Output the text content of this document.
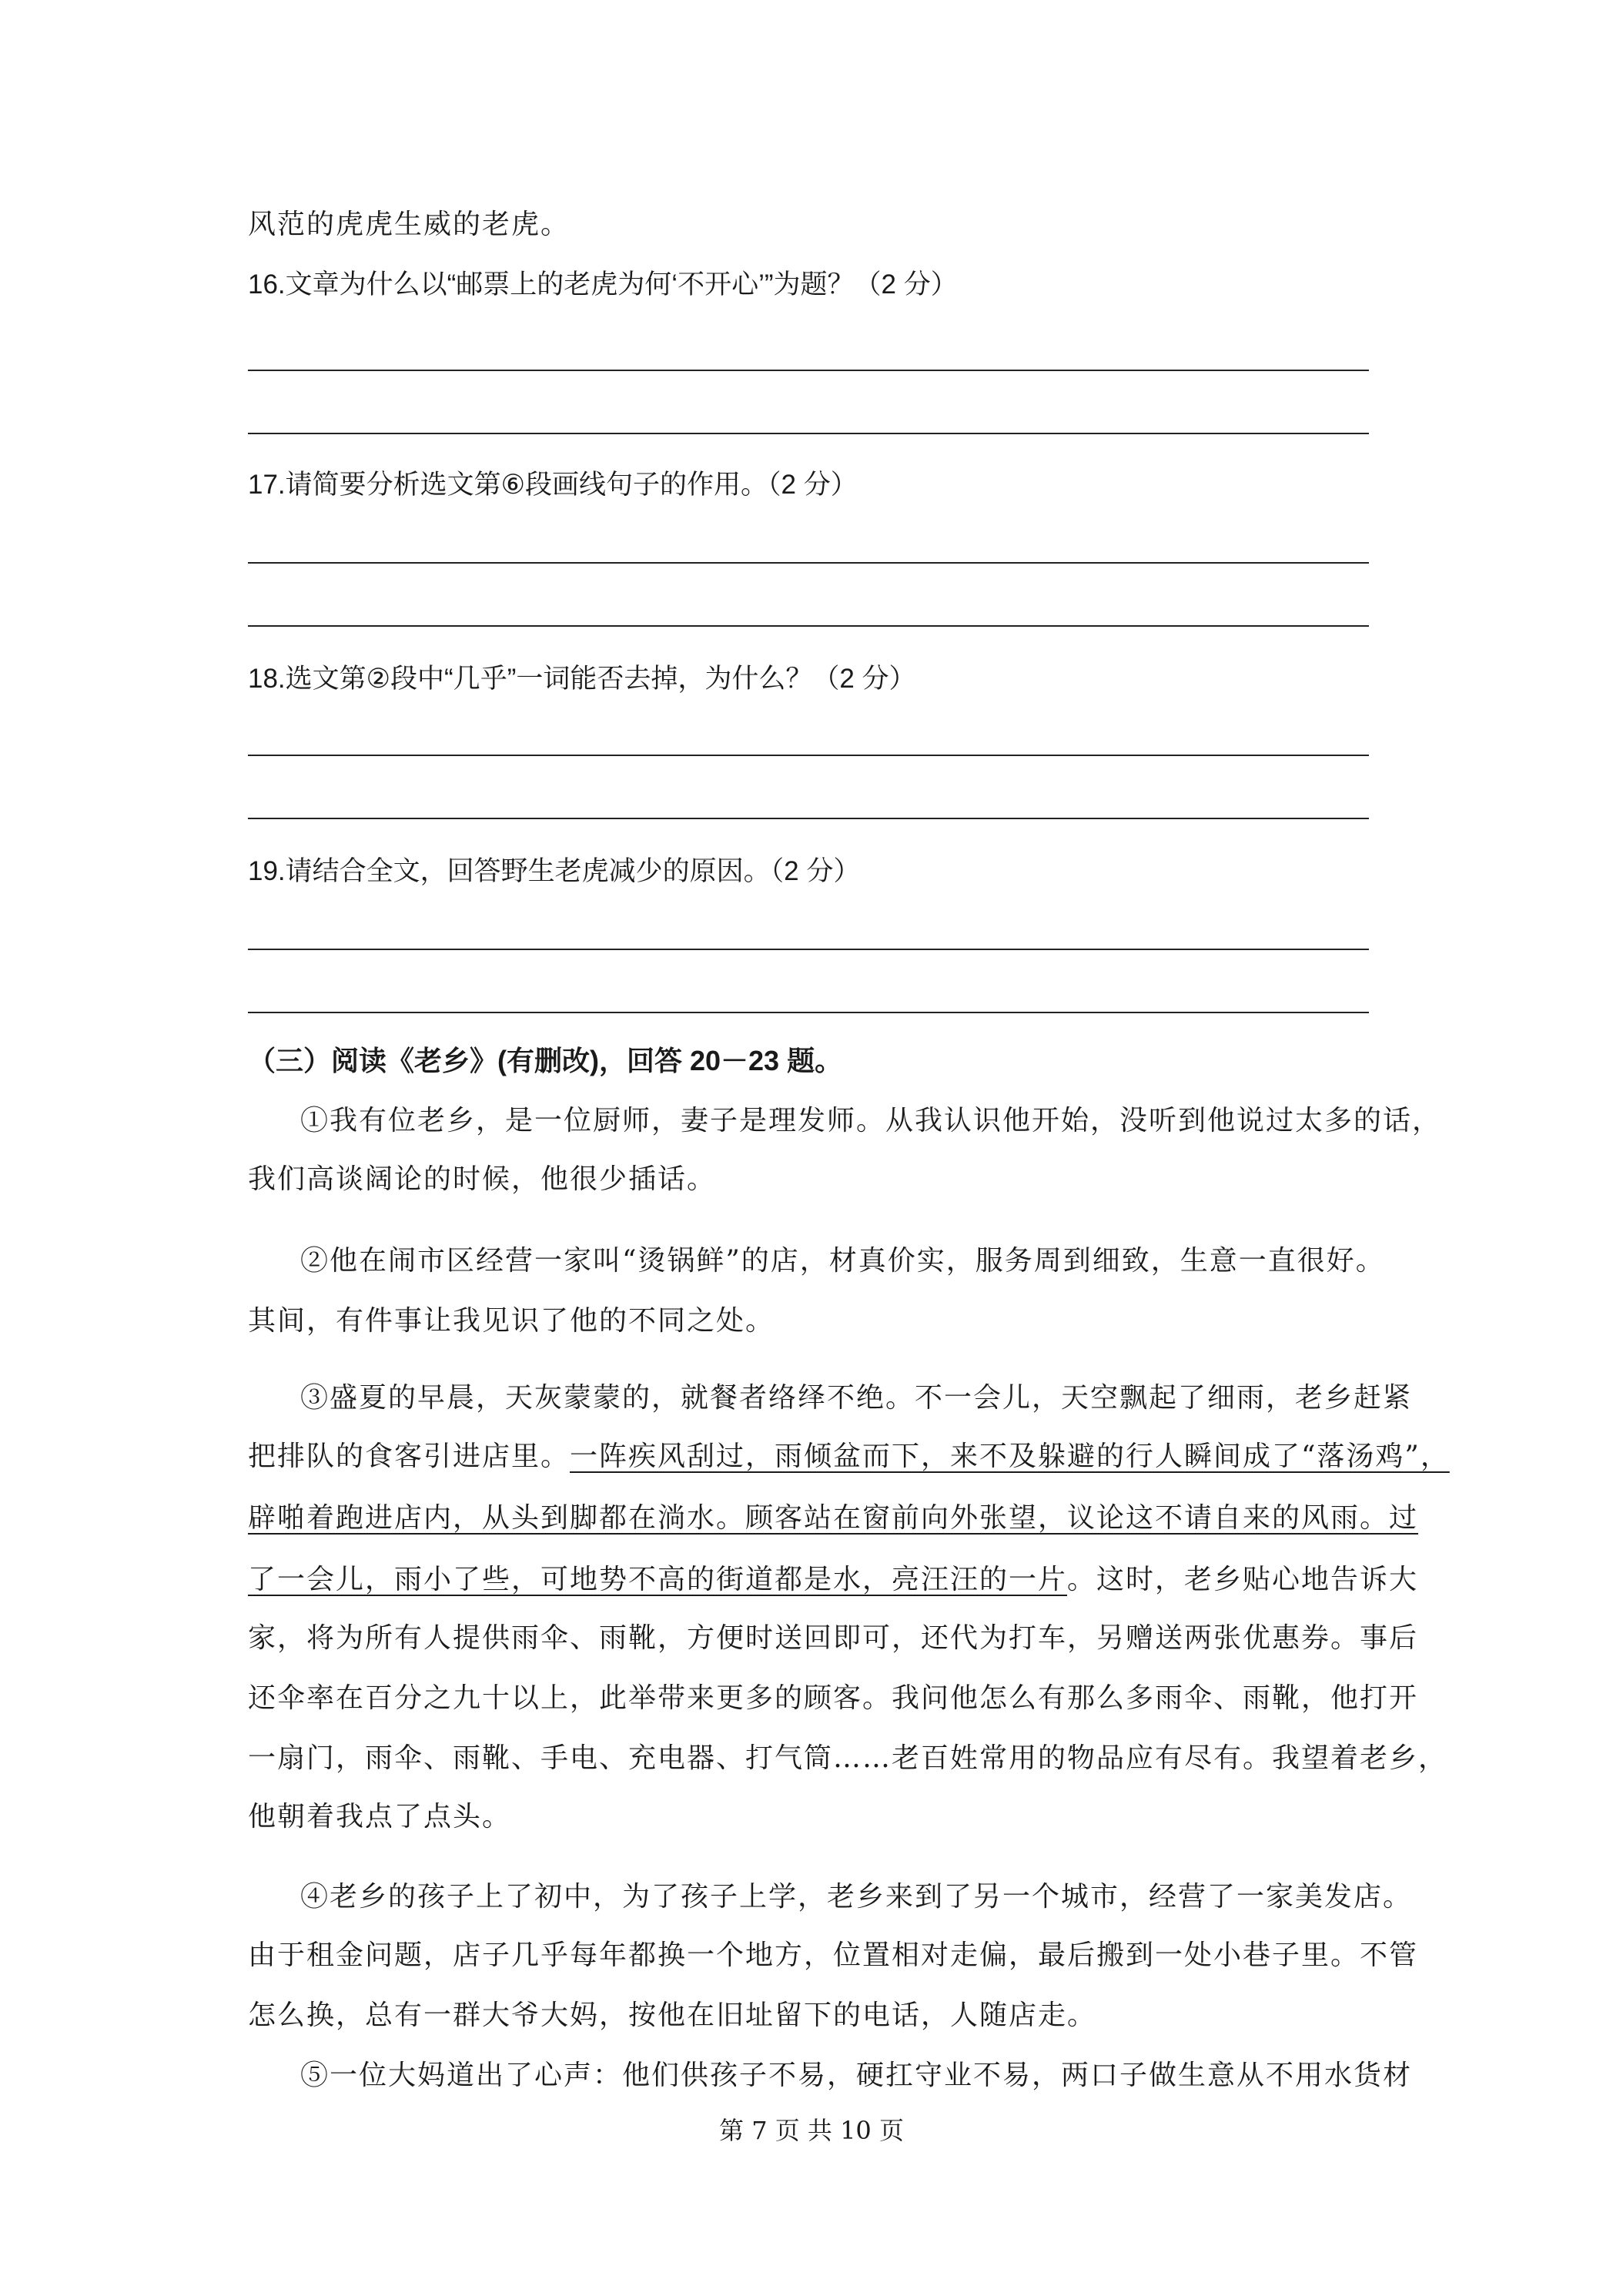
风范的虎虎生威的老虎。
16.文章为什么以“邮票上的老虎为何‘不开心’”为题？（2 分）
17.请简要分析选文第⑥段画线句子的作用。（2 分）
18.选文第②段中“几乎”一词能否去掉，为什么？（2 分）
19.请结合全文，回答野生老虎减少的原因。（2 分）
（三）阅读《老乡》(有删改)，回答 20－23 题。
①我有位老乡，是一位厨师，妻子是理发师。从我认识他开始，没听到他说过太多的话，
我们高谈阔论的时候，他很少插话。
②他在闹市区经营一家叫“烫锅鲜”的店，材真价实，服务周到细致，生意一直很好。
其间，有件事让我见识了他的不同之处。
③盛夏的早晨，天灰蒙蒙的，就餐者络绎不绝。不一会儿，天空飘起了细雨，老乡赶紧
把排队的食客引进店里。一阵疾风刮过，雨倾盆而下，来不及躲避的行人瞬间成了“落汤鸡”，
辟啪着跑进店内，从头到脚都在淌水。顾客站在窗前向外张望，议论这不请自来的风雨。过
了一会儿，雨小了些，可地势不高的街道都是水，亮汪汪的一片。这时，老乡贴心地告诉大
家，将为所有人提供雨伞、雨靴，方便时送回即可，还代为打车，另赠送两张优惠券。事后
还伞率在百分之九十以上，此举带来更多的顾客。我问他怎么有那么多雨伞、雨靴，他打开
一扇门，雨伞、雨靴、手电、充电器、打气筒……老百姓常用的物品应有尽有。我望着老乡，
他朝着我点了点头。
④老乡的孩子上了初中，为了孩子上学，老乡来到了另一个城市，经营了一家美发店。
由于租金问题，店子几乎每年都换一个地方，位置相对走偏，最后搬到一处小巷子里。不管
怎么换，总有一群大爷大妈，按他在旧址留下的电话，人随店走。
⑤一位大妈道出了心声：他们供孩子不易，硬扛守业不易，两口子做生意从不用水货材
第 7 页 共 10 页
